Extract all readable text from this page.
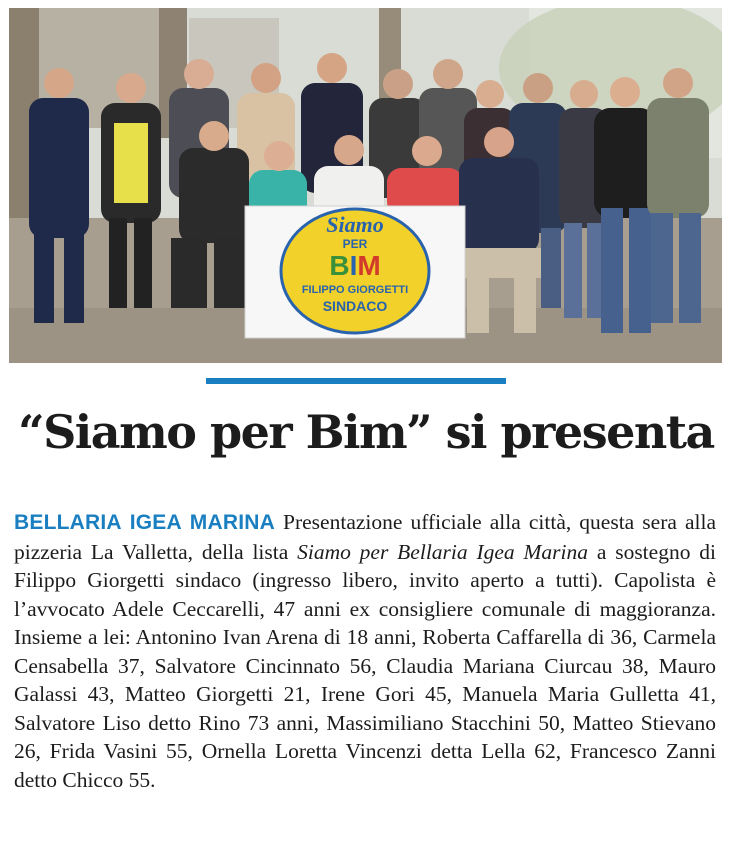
Siamo
PER
BIM
FILIPPO GIORGETTI
SINDACO
“Siamo per Bim” si presenta
BELLARIA IGEA MARINA Presentazione ufficiale alla città, questa sera alla pizzeria La Valletta, della lista Siamo per Bellaria Igea Marina a sostegno di Filippo Giorgetti sindaco (ingresso libero, invito aperto a tutti). Capolista è l’avvocato Adele Ceccarelli, 47 anni ex consigliere comunale di maggioranza. Insieme a lei: Antonino Ivan Arena di 18 anni, Roberta Caffarella di 36, Carmela Censabella 37, Salvatore Cincinnato 56, Claudia Mariana Ciurcau 38, Mauro Galassi 43, Matteo Giorgetti 21, Irene Gori 45, Manuela Maria Gulletta 41, Salvatore Liso detto Rino 73 anni, Massimiliano Stacchini 50, Matteo Stievano 26, Frida Vasini 55, Ornella Loretta Vincenzi detta Lella 62, Francesco Zanni detto Chicco 55.
